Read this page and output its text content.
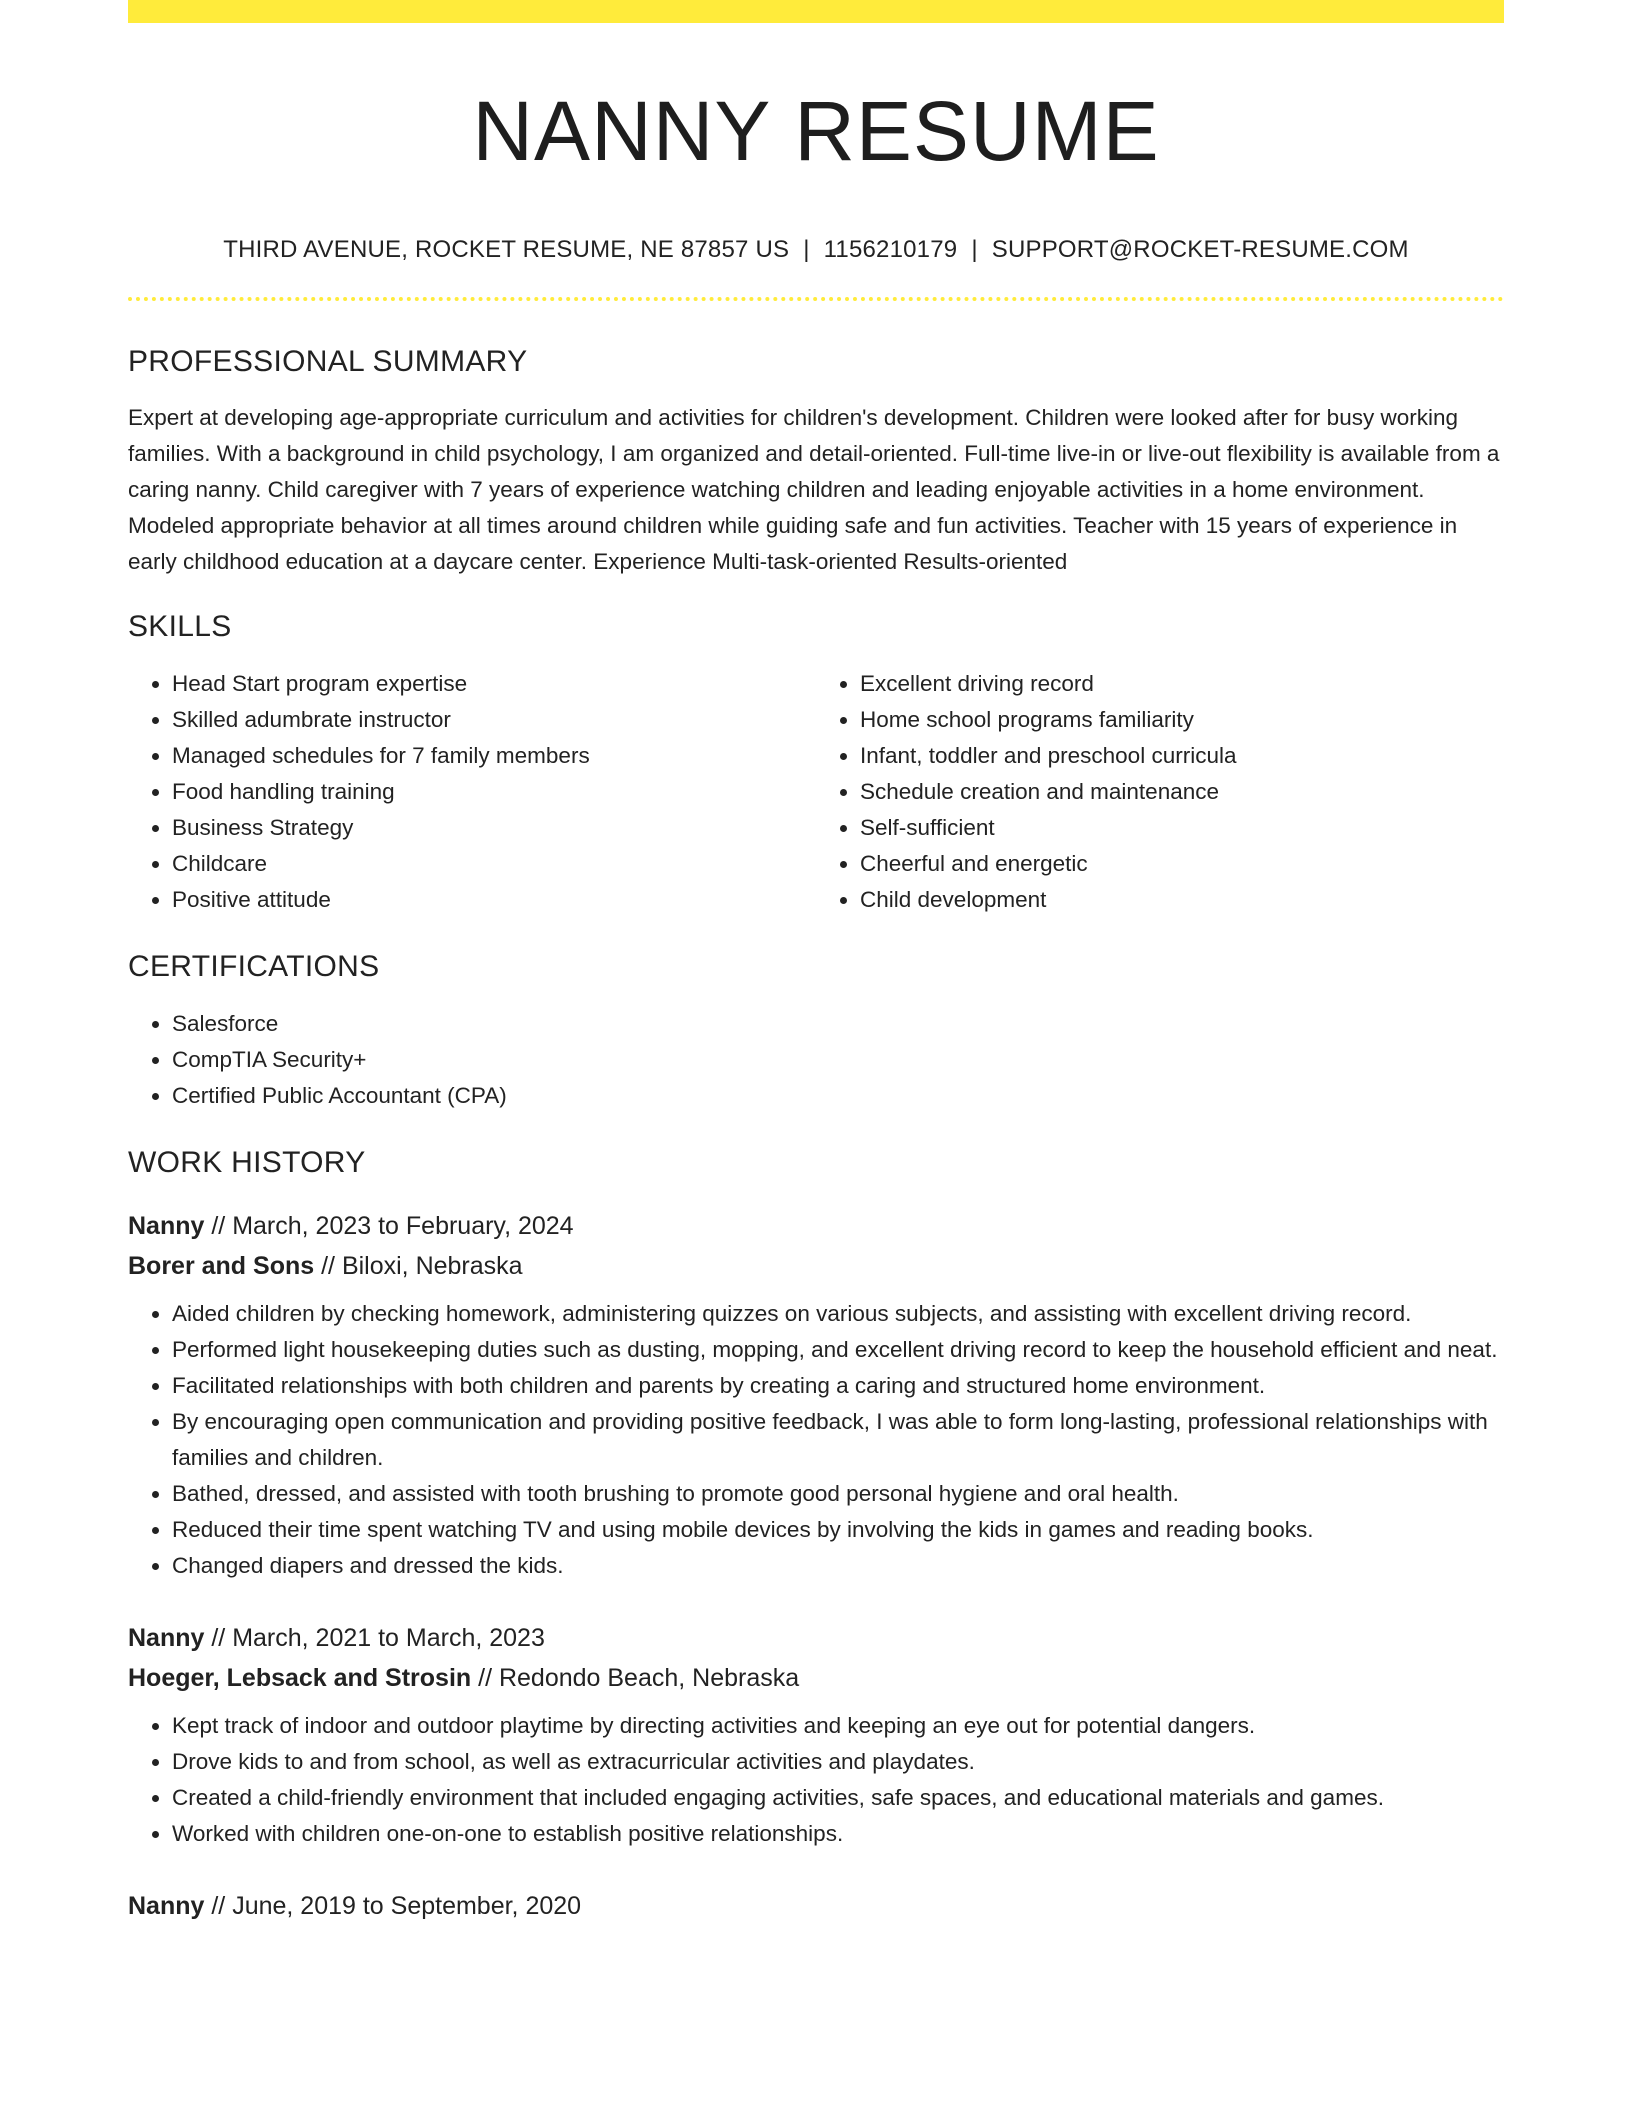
NANNY RESUME
THIRD AVENUE, ROCKET RESUME, NE 87857 US | 1156210179 | SUPPORT@ROCKET-RESUME.COM
PROFESSIONAL SUMMARY
Expert at developing age-appropriate curriculum and activities for children's development. Children were looked after for busy working families. With a background in child psychology, I am organized and detail-oriented. Full-time live-in or live-out flexibility is available from a caring nanny. Child caregiver with 7 years of experience watching children and leading enjoyable activities in a home environment. Modeled appropriate behavior at all times around children while guiding safe and fun activities. Teacher with 15 years of experience in early childhood education at a daycare center. Experience Multi-task-oriented Results-oriented
SKILLS
• Head Start program expertise
• Skilled adumbrate instructor
• Managed schedules for 7 family members
• Food handling training
• Business Strategy
• Childcare
• Positive attitude
• Excellent driving record
• Home school programs familiarity
• Infant, toddler and preschool curricula
• Schedule creation and maintenance
• Self-sufficient
• Cheerful and energetic
• Child development
CERTIFICATIONS
• Salesforce
• CompTIA Security+
• Certified Public Accountant (CPA)
WORK HISTORY
Nanny // March, 2023 to February, 2024
Borer and Sons // Biloxi, Nebraska
• Aided children by checking homework, administering quizzes on various subjects, and assisting with excellent driving record.
• Performed light housekeeping duties such as dusting, mopping, and excellent driving record to keep the household efficient and neat.
• Facilitated relationships with both children and parents by creating a caring and structured home environment.
• By encouraging open communication and providing positive feedback, I was able to form long-lasting, professional relationships with families and children.
• Bathed, dressed, and assisted with tooth brushing to promote good personal hygiene and oral health.
• Reduced their time spent watching TV and using mobile devices by involving the kids in games and reading books.
• Changed diapers and dressed the kids.
Nanny // March, 2021 to March, 2023
Hoeger, Lebsack and Strosin // Redondo Beach, Nebraska
• Kept track of indoor and outdoor playtime by directing activities and keeping an eye out for potential dangers.
• Drove kids to and from school, as well as extracurricular activities and playdates.
• Created a child-friendly environment that included engaging activities, safe spaces, and educational materials and games.
• Worked with children one-on-one to establish positive relationships.
Nanny // June, 2019 to September, 2020
